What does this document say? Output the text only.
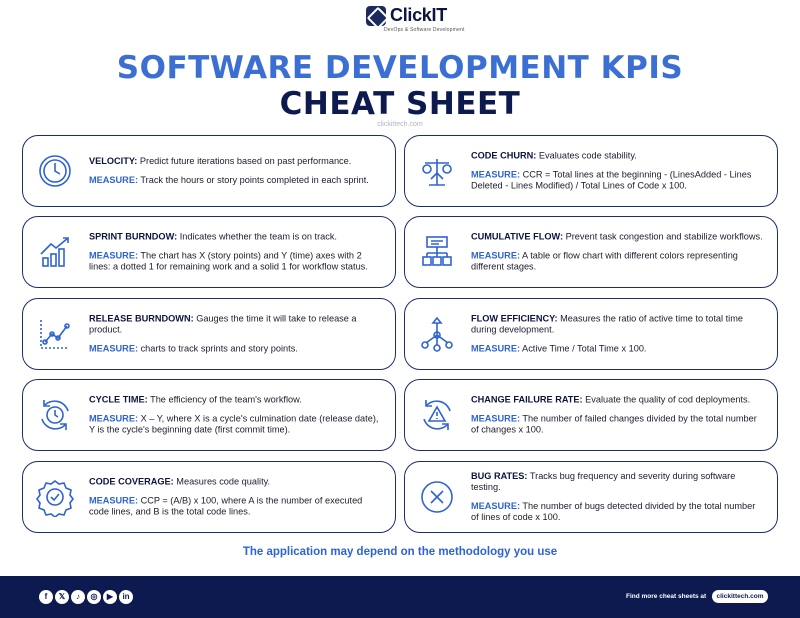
ClickIT
DevOps & Software Development
SOFTWARE DEVELOPMENT KPIS
CHEAT SHEET
clickittech.com

VELOCITY: Predict future iterations based on past performance.

MEASURE: Track the hours or story points completed in each sprint.

CODE CHURN: Evaluates code stability.

MEASURE: CCR = Total lines at the beginning - (LinesAdded - Lines Deleted - Lines Modified) / Total Lines of Code x 100.

SPRINT BURNDOW: Indicates whether the team is on track.

MEASURE: The chart has X (story points) and Y (time) axes with 2 lines: a dotted 1 for remaining work and a solid 1 for workflow status.

CUMULATIVE FLOW: Prevent task congestion and stabilize workflows.

MEASURE: A table or flow chart with different colors representing different stages.

RELEASE BURNDOWN: Gauges the time it will take to release a product.

MEASURE: charts to track sprints and story points.

FLOW EFFICIENCY: Measures the ratio of active time to total time during development.

MEASURE: Active Time / Total Time x 100.

CYCLE TIME: The efficiency of the team's workflow.

MEASURE: X – Y, where X is a cycle's culmination date (release date), Y is the cycle's beginning date (first commit time).

CHANGE FAILURE RATE: Evaluate the quality of cod deployments.

MEASURE: The number of failed changes divided by the total number of changes x 100.

CODE COVERAGE: Measures code quality.

MEASURE: CCP = (A/B) x 100, where A is the number of executed code lines, and B is the total code lines.

BUG RATES: Tracks bug frequency and severity during software testing.

MEASURE: The number of bugs detected divided by the total number of lines of code x 100.

The application may depend on the methodology you use
f	𝕏	♪	◎	▶	in	Find more cheat sheets at	clickittech.com
